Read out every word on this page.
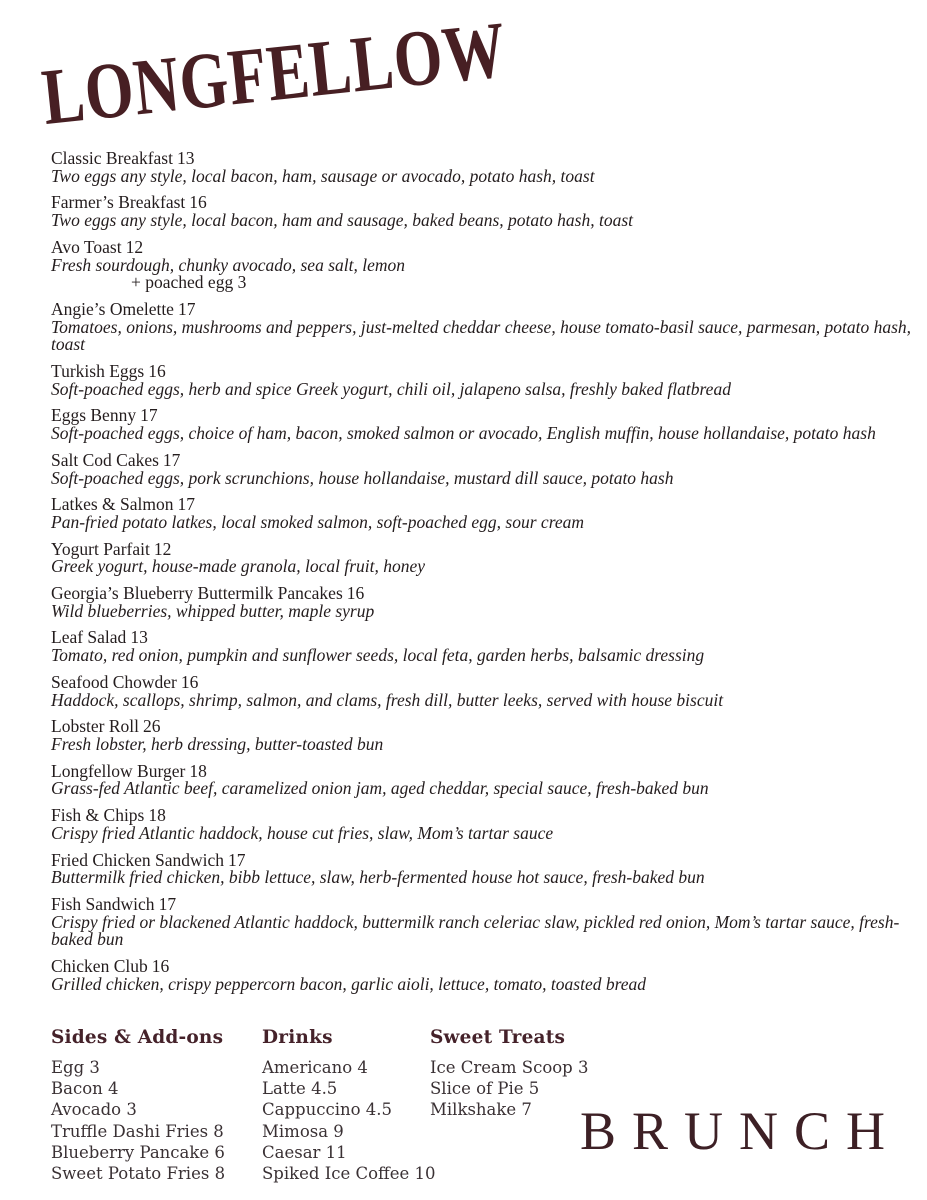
LONGFELLOW
Classic Breakfast 13
Two eggs any style, local bacon, ham, sausage or avocado, potato hash, toast
Farmer’s Breakfast 16
Two eggs any style, local bacon, ham and sausage, baked beans, potato hash, toast
Avo Toast 12
Fresh sourdough, chunky avocado, sea salt, lemon
+ poached egg 3
Angie’s Omelette 17
Tomatoes, onions, mushrooms and peppers, just-melted cheddar cheese, house tomato-basil sauce, parmesan, potato hash, toast
Turkish Eggs 16
Soft-poached eggs, herb and spice Greek yogurt, chili oil, jalapeno salsa, freshly baked flatbread
Eggs Benny 17
Soft-poached eggs, choice of ham, bacon, smoked salmon or avocado, English muffin, house hollandaise, potato hash
Salt Cod Cakes 17
Soft-poached eggs, pork scrunchions, house hollandaise, mustard dill sauce, potato hash
Latkes & Salmon 17
Pan-fried potato latkes, local smoked salmon, soft-poached egg, sour cream
Yogurt Parfait 12
Greek yogurt, house-made granola, local fruit, honey
Georgia’s Blueberry Buttermilk Pancakes 16
Wild blueberries, whipped butter, maple syrup
Leaf Salad 13
Tomato, red onion, pumpkin and sunflower seeds, local feta, garden herbs, balsamic dressing
Seafood Chowder 16
Haddock, scallops, shrimp, salmon, and clams, fresh dill, butter leeks, served with house biscuit
Lobster Roll 26
Fresh lobster, herb dressing, butter-toasted bun
Longfellow Burger 18
Grass-fed Atlantic beef, caramelized onion jam, aged cheddar, special sauce, fresh-baked bun
Fish & Chips 18
Crispy fried Atlantic haddock, house cut fries, slaw, Mom’s tartar sauce
Fried Chicken Sandwich 17
Buttermilk fried chicken, bibb lettuce, slaw, herb-fermented house hot sauce, fresh-baked bun
Fish Sandwich 17
Crispy fried or blackened Atlantic haddock, buttermilk ranch celeriac slaw, pickled red onion, Mom’s tartar sauce, fresh-baked bun
Chicken Club 16
Grilled chicken, crispy peppercorn bacon, garlic aioli, lettuce, tomato, toasted bread
Sides & Add-ons
Egg 3
Bacon 4
Avocado 3
Truffle Dashi Fries 8
Blueberry Pancake 6
Sweet Potato Fries 8
Drinks
Americano 4
Latte 4.5
Cappuccino 4.5
Mimosa 9
Caesar 11
Spiked Ice Coffee 10
Sweet Treats
Ice Cream Scoop 3
Slice of Pie 5
Milkshake 7 BRUNCH
